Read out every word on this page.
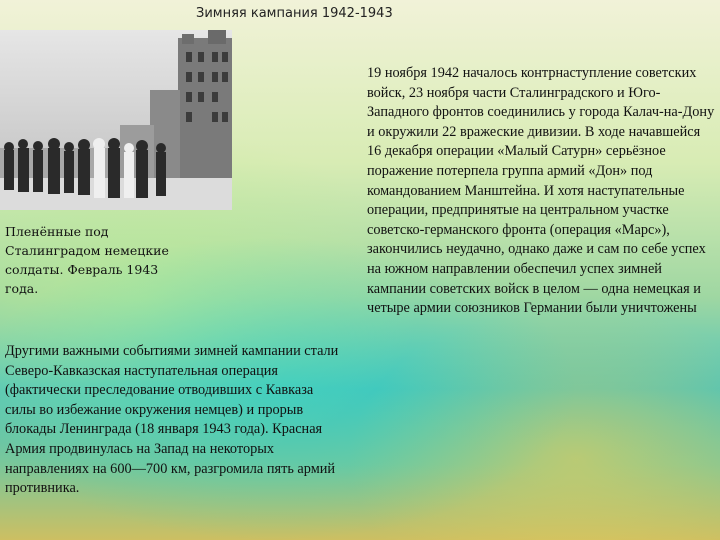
Зимняя кампания 1942-1943
Пленённые под Сталинградом немецкие солдаты. Февраль 1943 года.

Другими важными событиями зимней кампании стали Северо-Кавказская наступательная операция (фактически преследование отводивших с Кавказа силы во избежание окружения немцев) и прорыв блокады Ленинграда (18 января 1943 года). Красная Армия продвинулась на Запад на некоторых направлениях на 600—700 км, разгромила пять армий противника.

19 ноября 1942 началось контрнаступление советских войск, 23 ноября части Сталинградского и Юго-Западного фронтов соединились у города Калач-на-Дону и окружили 22 вражеские дивизии. В ходе начавшейся 16 декабря операции «Малый Сатурн» серьёзное поражение потерпела группа армий «Дон» под командованием Манштейна. И хотя наступательные операции, предпринятые на центральном участке советско-германского фронта (операция «Марс»), закончились неудачно, однако даже и сам по себе успех на южном направлении обеспечил успех зимней кампании советских войск в целом — одна немецкая и четыре армии союзников Германии были уничтожены
